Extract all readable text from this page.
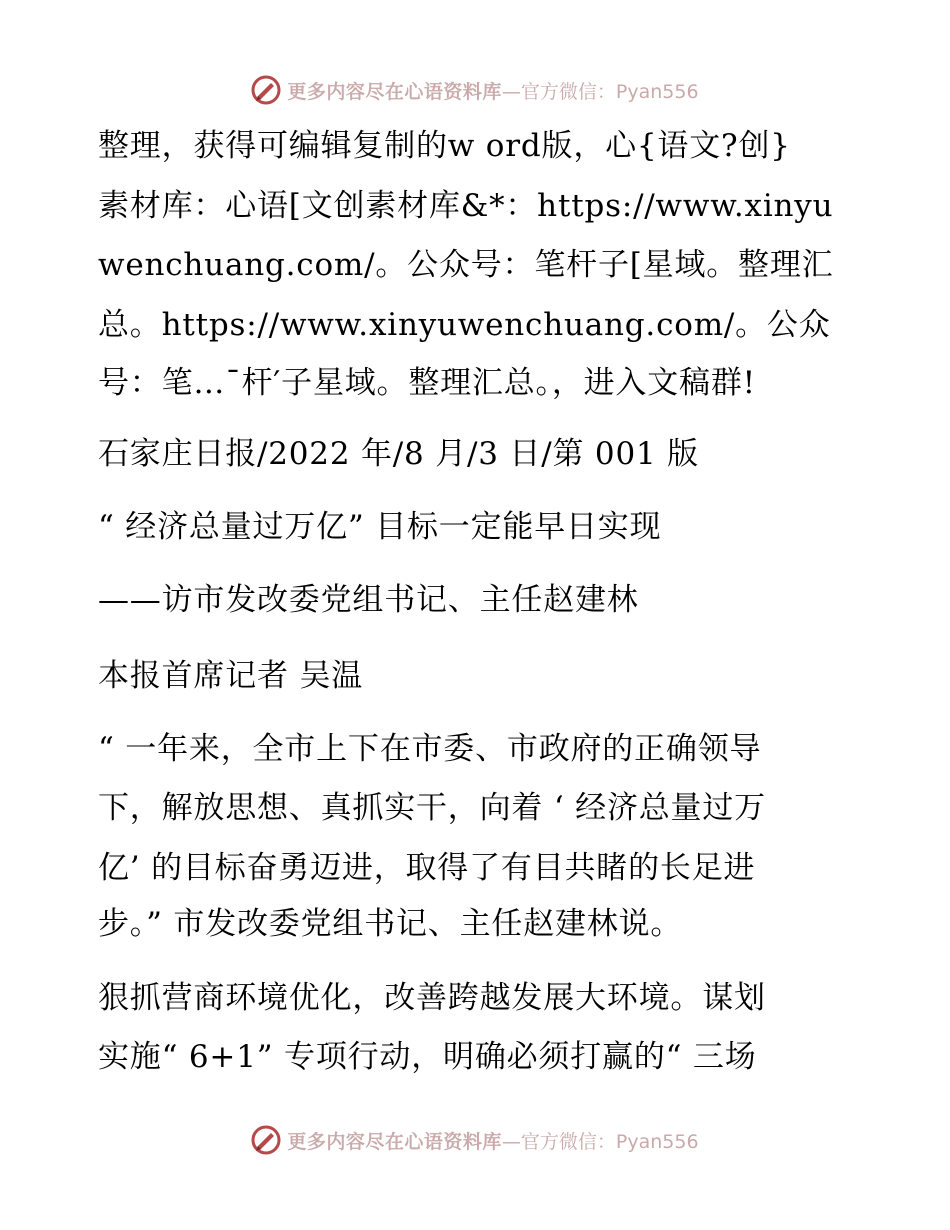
更多内容尽在心语资料库 —官方微信：Pyan556

整理，获得可编辑复制的w ord版，心{语文?创}

素材库：心语[文创素材库&*：https://www.xinyu

wenchuang.com/。公众号：笔杆子[星域。整理汇

总。https://www.xinyuwenchuang.com/。公众

号：笔…¯杆′子星域。整理汇总。，进入文稿群!

石家庄日报/2022 年/8 月/3 日/第 001 版

“ 经济总量过万亿” 目标一定能早日实现

——访市发改委党组书记、主任赵建林

本报首席记者 吴温

“ 一年来，全市上下在市委、市政府的正确领导

下，解放思想、真抓实干，向着 ‘ 经济总量过万

亿’ 的目标奋勇迈进，取得了有目共睹的长足进

步。” 市发改委党组书记、主任赵建林说。

狠抓营商环境优化，改善跨越发展大环境。谋划

实施“ 6+1” 专项行动，明确必须打赢的“ 三场

更多内容尽在心语资料库 —官方微信：Pyan556
